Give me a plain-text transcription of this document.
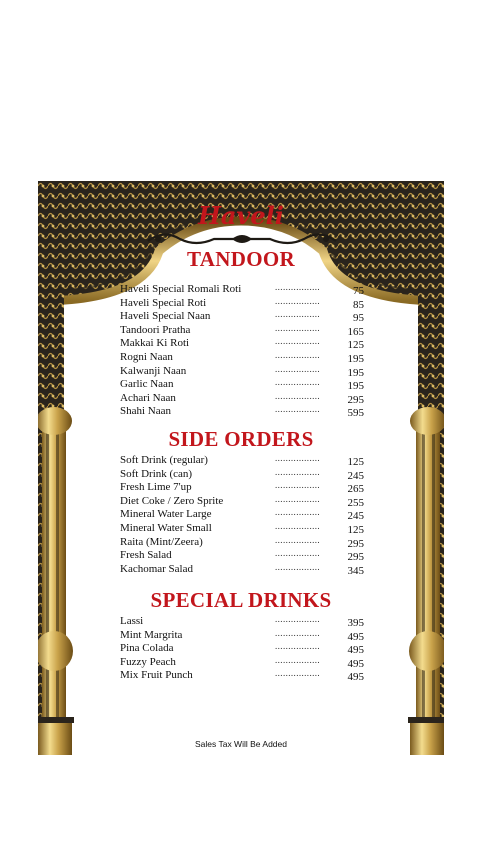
Haveli
TANDOOR
SIDE ORDERS
SPECIAL DRINKS
Haveli Special Romali Roti	.................	75
Haveli Special Roti	.................	85
Haveli Special Naan	.................	95
Tandoori Pratha	................. 165
Makkai Ki Roti	................. 125
Rogni Naan	................. 195
Kalwanji Naan	................. 195
Garlic Naan	................. 195
Achari Naan	................. 295
Shahi Naan	................. 595
Soft Drink (regular)	................. 125
Soft Drink (can)	................. 245
Fresh Lime 7'up	................. 265
Diet Coke / Zero Sprite	................. 255
Mineral Water Large	................. 245
Mineral Water Small	................. 125
Raita (Mint/Zeera)	................. 295
Fresh Salad	................. 295
Kachomar Salad	................. 345
Lassi	................. 395
Mint Margrita	................. 495
Pina Colada	................. 495
Fuzzy Peach	................. 495
Mix Fruit Punch	................. 495
Sales Tax Will Be Added
